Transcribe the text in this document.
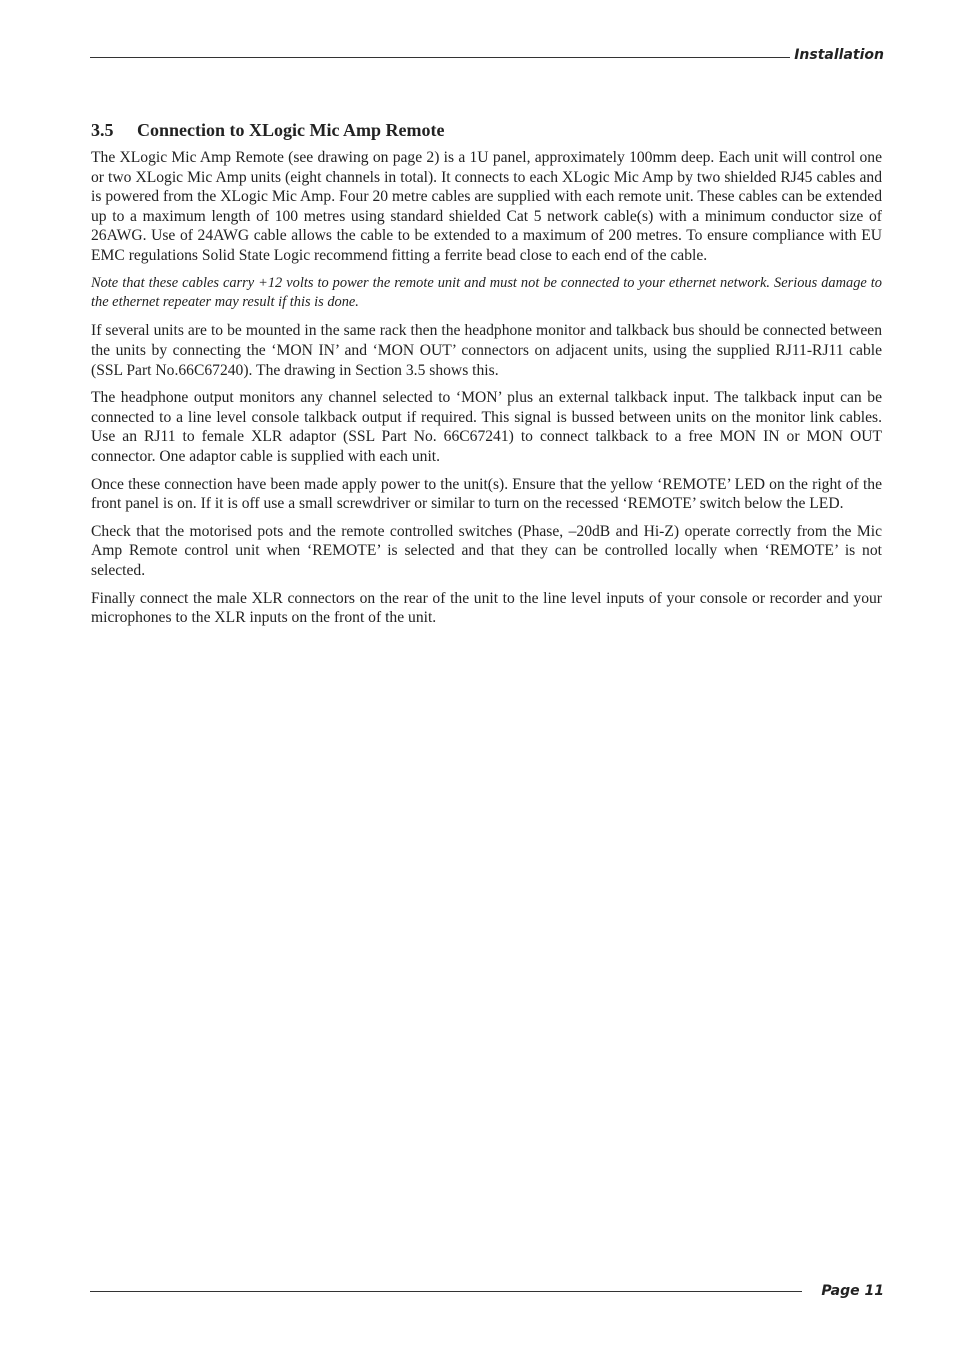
Installation
3.5 Connection to XLogic Mic Amp Remote

The XLogic Mic Amp Remote (see drawing on page 2) is a 1U panel, approximately 100mm deep. Each unit will control one or two XLogic Mic Amp units (eight channels in total). It connects to each XLogic Mic Amp by two shielded RJ45 cables and is powered from the XLogic Mic Amp. Four 20 metre cables are supplied with each remote unit. These cables can be extended up to a maximum length of 100 metres using standard shielded Cat 5 network cable(s) with a minimum conductor size of 26AWG. Use of 24AWG cable allows the cable to be extended to a maximum of 200 metres. To ensure compliance with EU EMC regulations Solid State Logic recommend fitting a ferrite bead close to each end of the cable.

Note that these cables carry +12 volts to power the remote unit and must not be connected to your ethernet network. Serious damage to the ethernet repeater may result if this is done.

If several units are to be mounted in the same rack then the headphone monitor and talkback bus should be connected between the units by connecting the ‘MON IN’ and ‘MON OUT’ connectors on adjacent units, using the supplied RJ11-RJ11 cable (SSL Part No.66C67240). The drawing in Section 3.5 shows this.

The headphone output monitors any channel selected to ‘MON’ plus an external talkback input. The talkback input can be connected to a line level console talkback output if required. This signal is bussed between units on the monitor link cables. Use an RJ11 to female XLR adaptor (SSL Part No. 66C67241) to connect talkback to a free MON IN or MON OUT connector. One adaptor cable is supplied with each unit.

Once these connection have been made apply power to the unit(s). Ensure that the yellow ‘REMOTE’ LED on the right of the front panel is on. If it is off use a small screwdriver or similar to turn on the recessed ‘REMOTE’ switch below the LED.

Check that the motorised pots and the remote controlled switches (Phase, –20dB and Hi-Z) operate correctly from the Mic Amp Remote control unit when ‘REMOTE’ is selected and that they can be controlled locally when ‘REMOTE’ is not selected.

Finally connect the male XLR connectors on the rear of the unit to the line level inputs of your console or recorder and your microphones to the XLR inputs on the front of the unit.

Page 11
